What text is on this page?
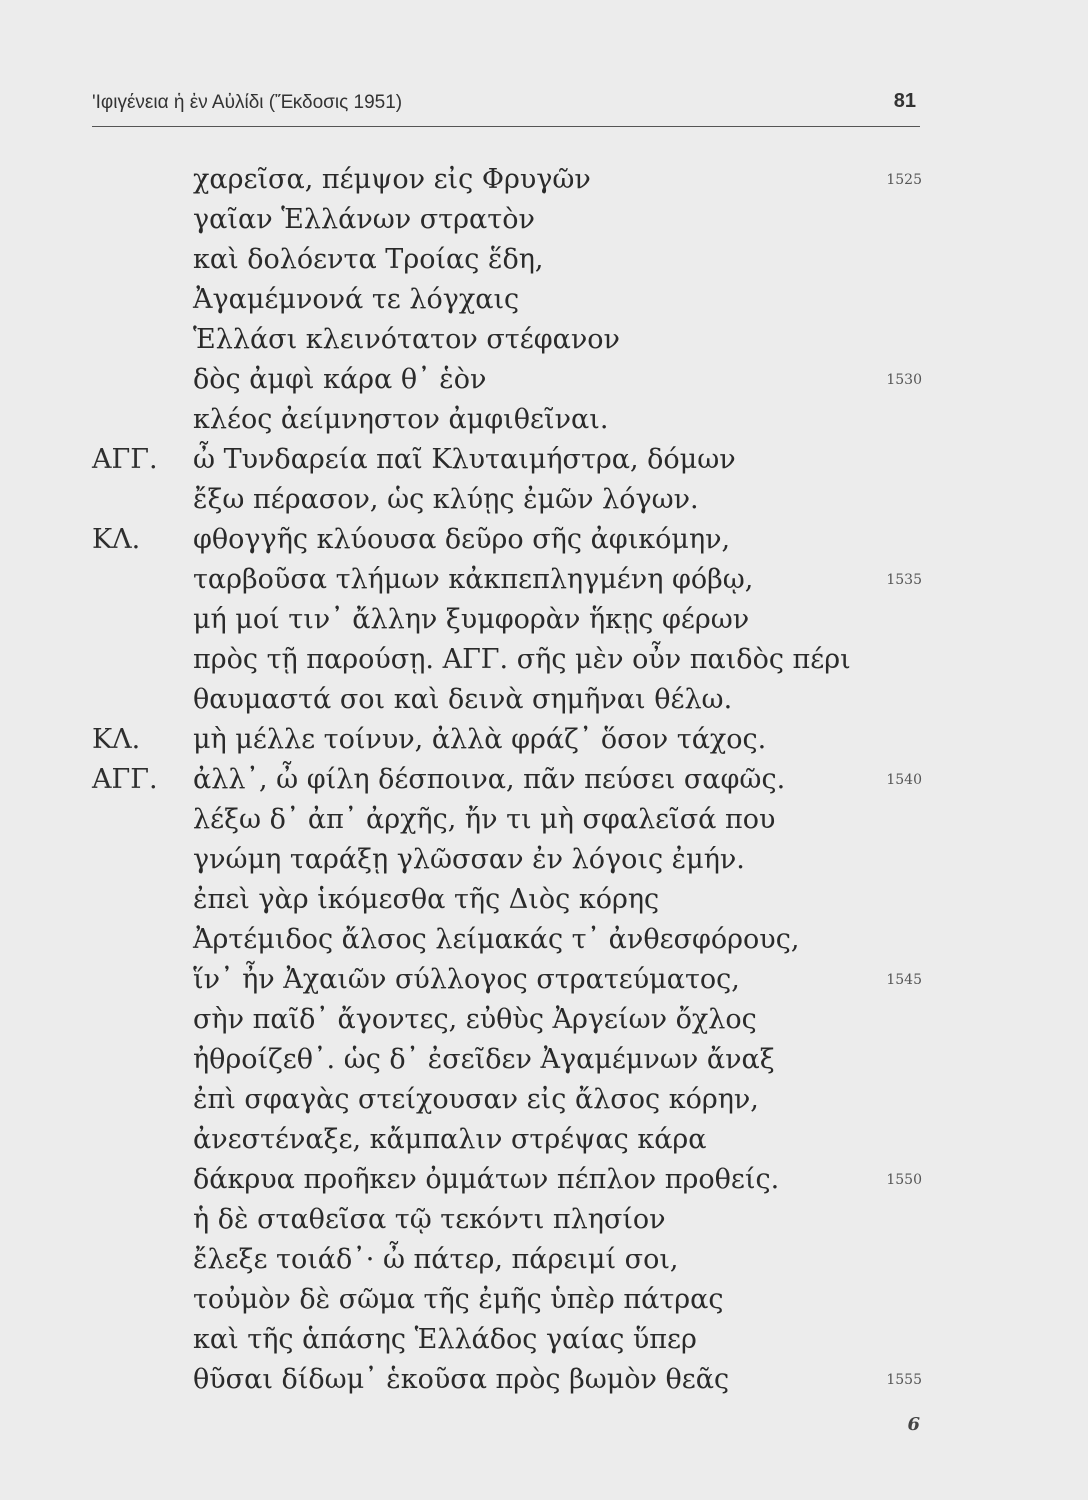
'Ιφιγένεια ἡ ἐν Αὐλίδι (Ἔκδοσις 1951)	81
χαρεῖσα, πέμψον εἰς Φρυγῶν	1525
γαῖαν Ἑλλάνων στρατὸν
καὶ δολόεντα Τροίας ἕδη,
Ἀγαμέμνονά τε λόγχαις
Ἑλλάσι κλεινότατον στέφανον
δὸς ἀμφὶ κάρα θ᾽ ἑὸν	1530
κλέος ἀείμνηστον ἀμφιθεῖναι.
ΑΓΓ. ὦ Τυνδαρεία παῖ Κλυταιμήστρα, δόμων
ἔξω πέρασον, ὡς κλύῃς ἐμῶν λόγων.
ΚΛ. φθογγῆς κλύουσα δεῦρο σῆς ἀφικόμην,
ταρβοῦσα τλήμων κἀκπεπληγμένη φόβῳ,	1535
μή μοί τιν᾽ ἄλλην ξυμφορὰν ἥκῃς φέρων
πρὸς τῇ παρούσῃ. ΑΓΓ. σῆς μὲν οὖν παιδὸς πέρι
θαυμαστά σοι καὶ δεινὰ σημῆναι θέλω.
ΚΛ. μὴ μέλλε τοίνυν, ἀλλὰ φράζ᾽ ὅσον τάχος.
ΑΓΓ. ἀλλ᾽, ὦ φίλη δέσποινα, πᾶν πεύσει σαφῶς.	1540
λέξω δ᾽ ἀπ᾽ ἀρχῆς, ἤν τι μὴ σφαλεῖσά που
γνώμη ταράξῃ γλῶσσαν ἐν λόγοις ἐμήν.
ἐπεὶ γὰρ ἱκόμεσθα τῆς Διὸς κόρης
Ἀρτέμιδος ἄλσος λείμακάς τ᾽ ἀνθεσφόρους,
ἵν᾽ ἦν Ἀχαιῶν σύλλογος στρατεύματος,	1545
σὴν παῖδ᾽ ἄγοντες, εὐθὺς Ἀργείων ὄχλος
ἠθροίζεθ᾽. ὡς δ᾽ ἐσεῖδεν Ἀγαμέμνων ἄναξ
ἐπὶ σφαγὰς στείχουσαν εἰς ἄλσος κόρην,
ἀνεστέναξε, κἄμπαλιν στρέψας κάρα
δάκρυα προῆκεν ὀμμάτων πέπλον προθείς.	1550
ἡ δὲ σταθεῖσα τῷ τεκόντι πλησίον
ἔλεξε τοιάδ᾽· ὦ πάτερ, πάρειμί σοι,
τοὐμὸν δὲ σῶμα τῆς ἐμῆς ὑπὲρ πάτρας
καὶ τῆς ἁπάσης Ἑλλάδος γαίας ὕπερ
θῦσαι δίδωμ᾽ ἑκοῦσα πρὸς βωμὸν θεᾶς	1555
6
